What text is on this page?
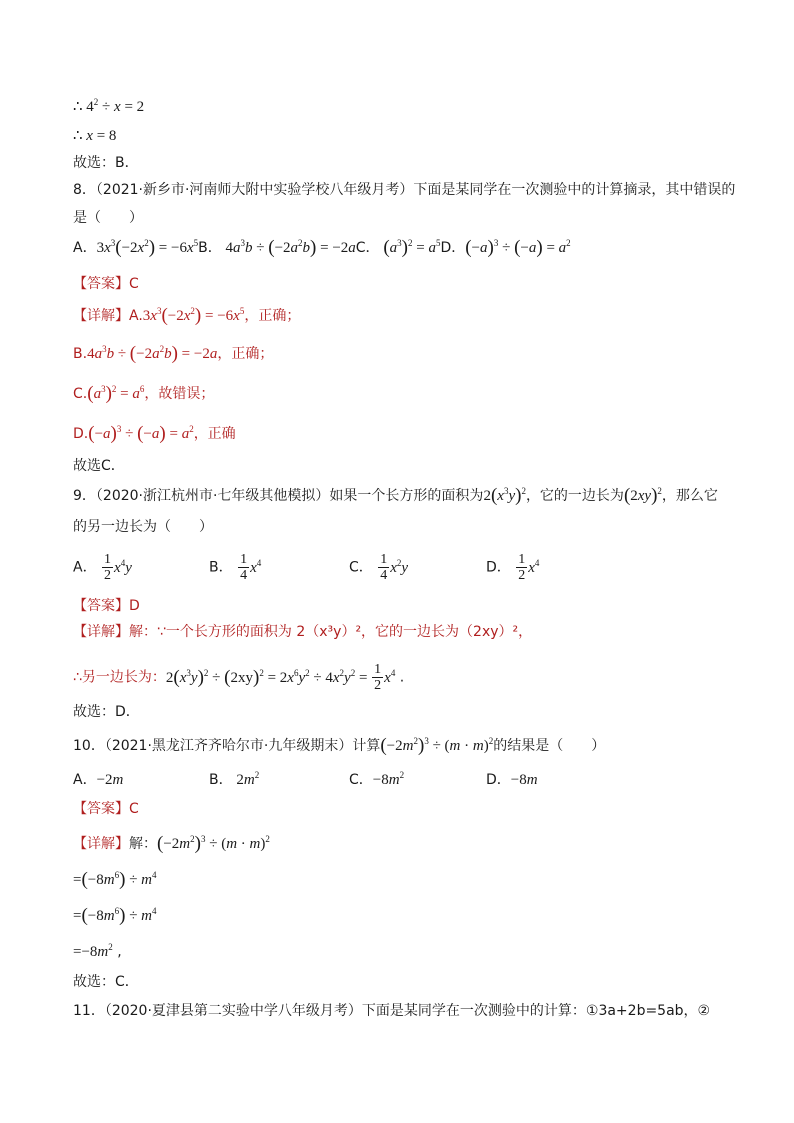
∴ $4^2 \div x = 2$
∴ x = 8
故选：B．
8．（2021·新乡市·河南师大附中实验学校八年级月考）下面是某同学在一次测验中的计算摘录，其中错误的
是（　　）
A．$3x^3(-2x^2) = -6x^5B$． $4a^3b \div (-2a^2b) = -2aC$． $(a^3)^2 = a^5D$．$(-a)^3 \div (-a) = a^2$
【答案】C
【详解】$A.3x^3(-2x^2) = -6x^5$，正确；
$B.4a^3b \div (-2a^2b) = -2a$，正确；
$C.(a^3)^2 = a^6$，故错误；
$D.(-a)^3 \div (-a) = a^2$，正确
故选C．
9．（2020·浙江杭州市·七年级其他模拟）如果一个长方形的面积为$2(x^3y)^2$，它的一边长为$(2xy)^2$，那么它
的另一边长为（　　）
A． $\frac{1}{2} x^4y$	B． $\frac{1}{4} x^4$	C． $\frac{1}{4} x^2y$	D． $\frac{1}{2} x^4$
【答案】D
【详解】解：∵一个长方形的面积为 2（x³y）²，它的一边长为（2xy）²，
∴另一边长为：$2(x^3y)^2 \div (2xy)^2 = 2x^6y^2 \div 4x^2y^2 = \frac{1}{2} x^4$ .
故选：D．
10．（2021·黑龙江齐齐哈尔市·九年级期末）计算$(-2m^2)^3 \div (m \cdot m)^2$的结果是（　　）
A．−2m	B． $2m^2$	C．$-8m^2$	D．−8m
【答案】C
【详解】解：$(-2m^2)^3 \div (m \cdot m)^2$
$=(-8m^6) \div m^4$
$=(-8m^6) \div m^4$
$=-8m^2$ ,
故选：C．
11．（2020·夏津县第二实验中学八年级月考）下面是某同学在一次测验中的计算：①3a+2b=5ab，②
